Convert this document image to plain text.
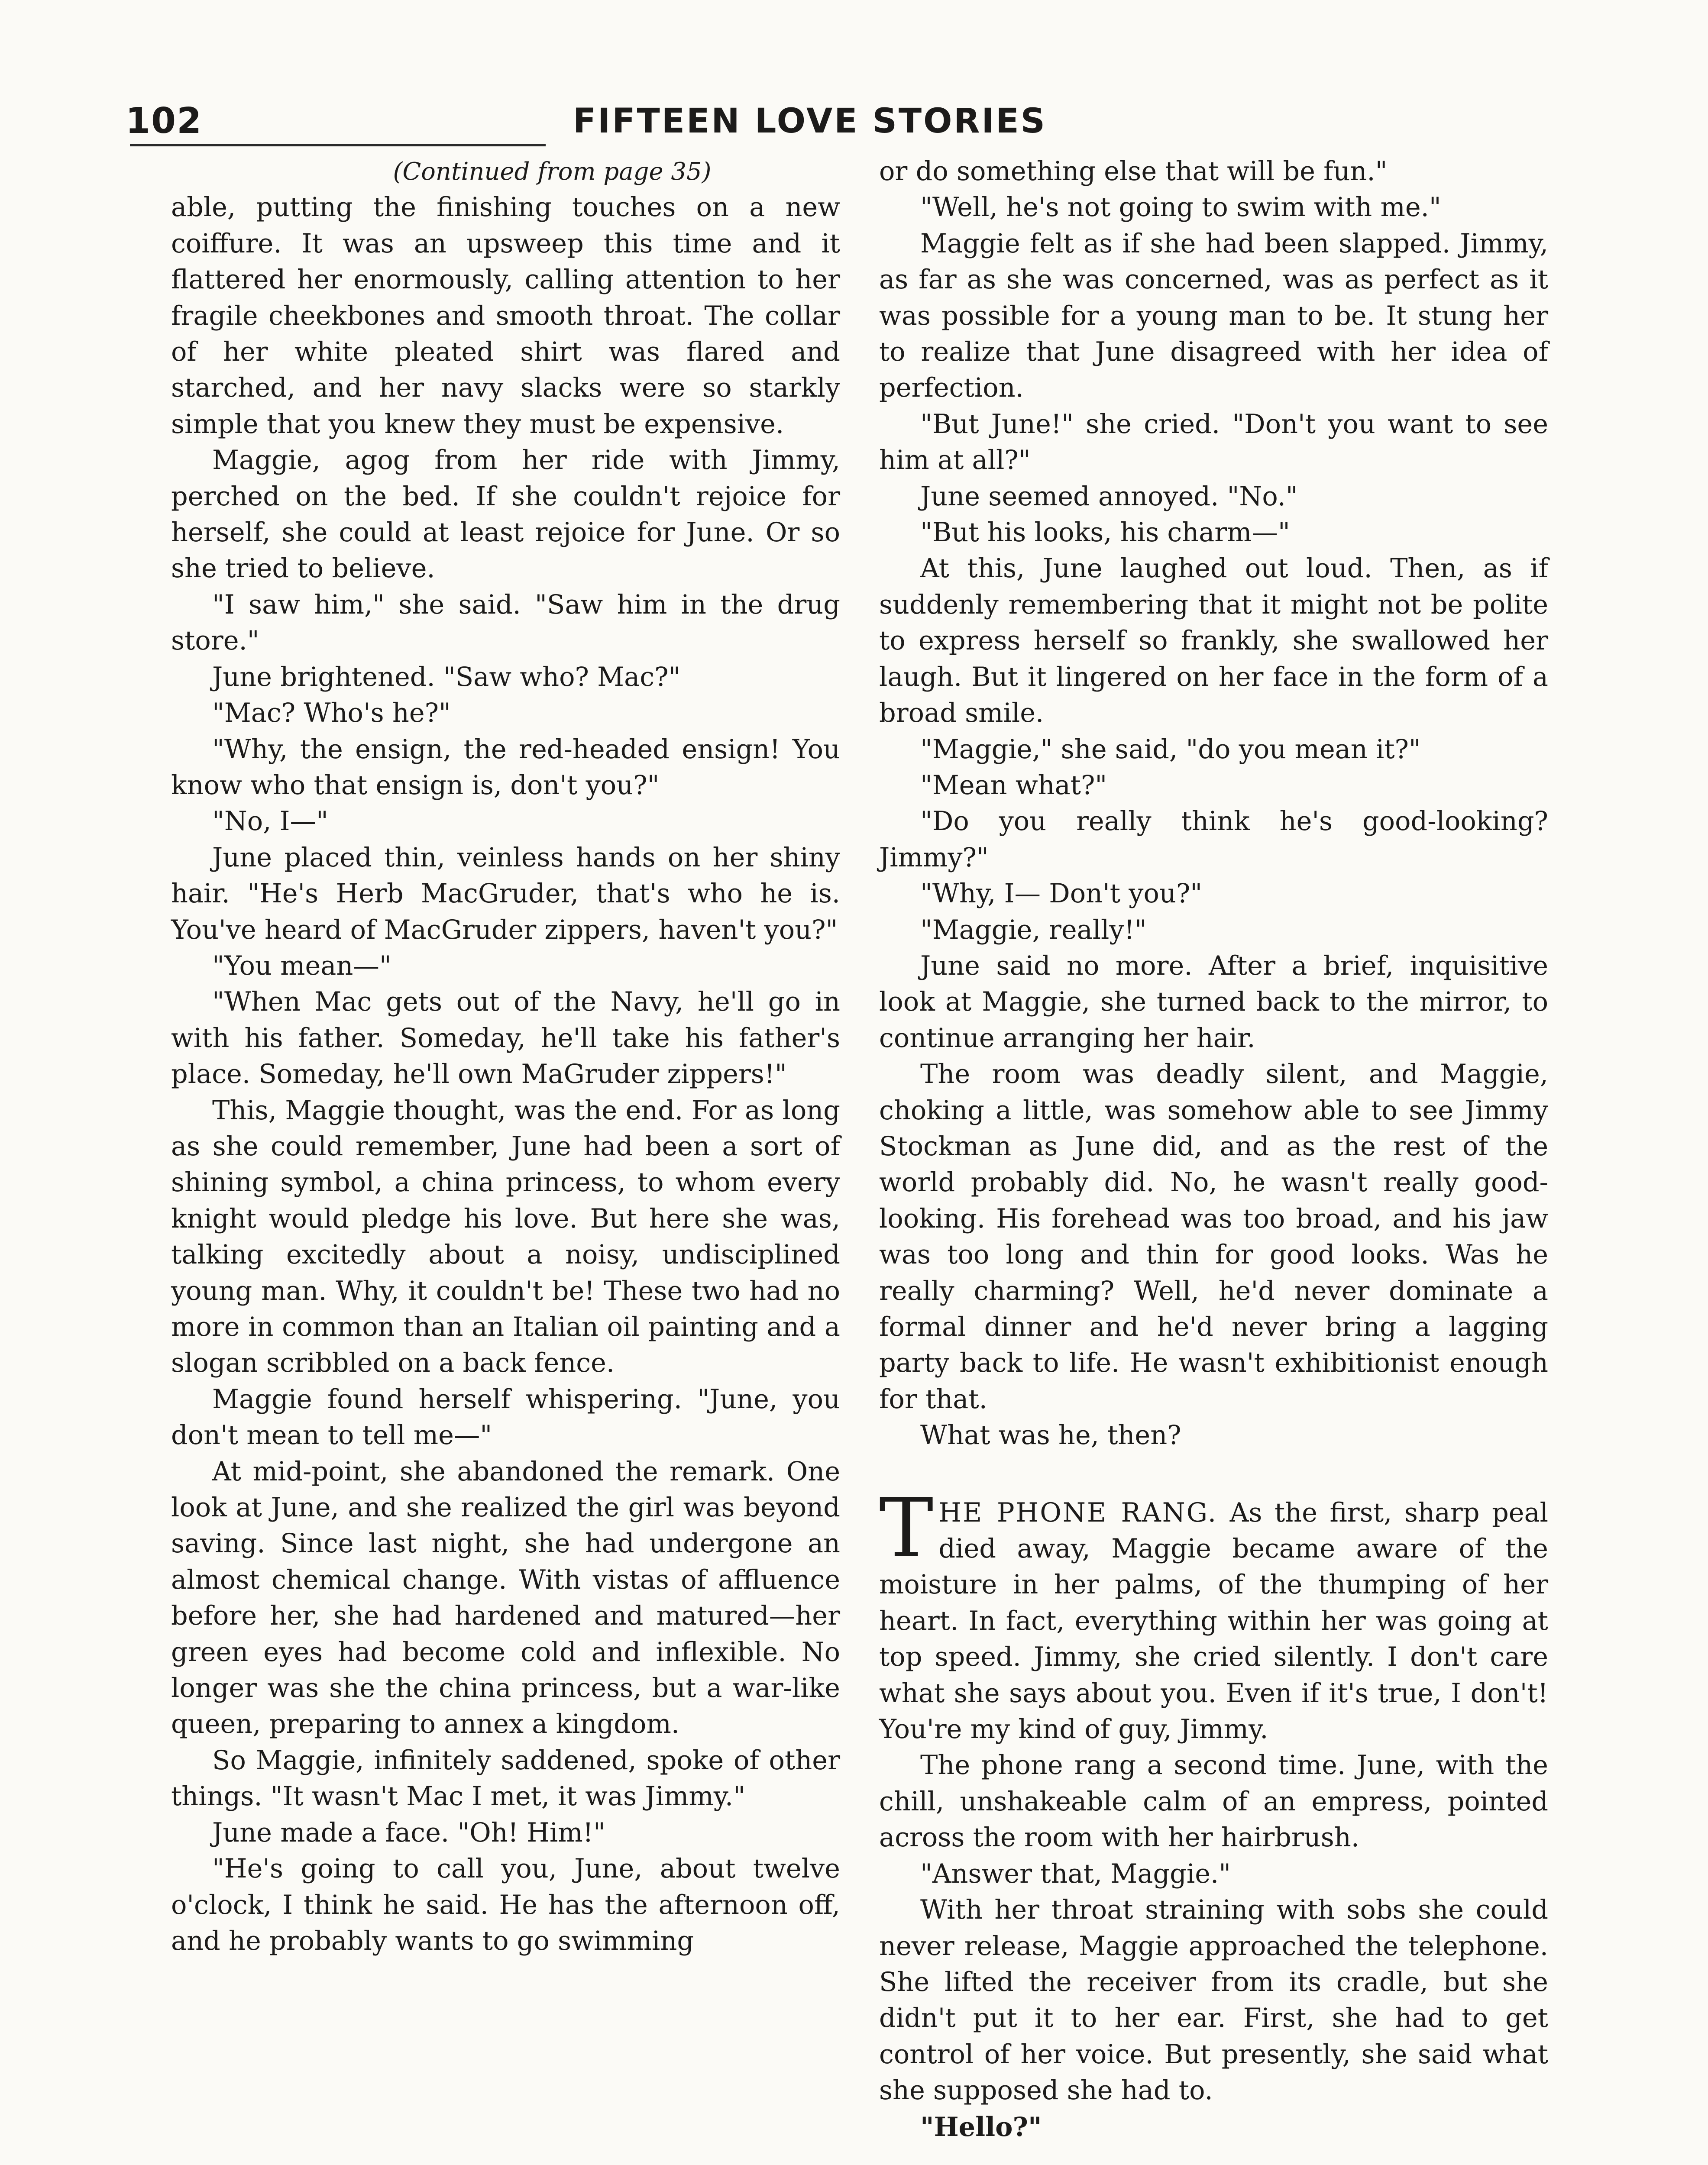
102	FIFTEEN LOVE STORIES

(Continued from page 35)

able, putting the finishing touches on a new coiffure. It was an upsweep this time and it flattered her enormously, calling attention to her fragile cheekbones and smooth throat. The collar of her white pleated shirt was flared and starched, and her navy slacks were so starkly simple that you knew they must be expensive.

Maggie, agog from her ride with Jimmy, perched on the bed. If she couldn't rejoice for herself, she could at least rejoice for June. Or so she tried to believe.

"I saw him," she said. "Saw him in the drug store."

June brightened. "Saw who? Mac?"

"Mac? Who's he?"

"Why, the ensign, the red-headed ensign! You know who that ensign is, don't you?"

"No, I—"

June placed thin, veinless hands on her shiny hair. "He's Herb MacGruder, that's who he is. You've heard of MacGruder zippers, haven't you?"

"You mean—"

"When Mac gets out of the Navy, he'll go in with his father. Someday, he'll take his father's place. Someday, he'll own MaGruder zippers!"

This, Maggie thought, was the end. For as long as she could remember, June had been a sort of shining symbol, a china princess, to whom every knight would pledge his love. But here she was, talking excitedly about a noisy, undisciplined young man. Why, it couldn't be! These two had no more in common than an Italian oil painting and a slogan scribbled on a back fence.

Maggie found herself whispering. "June, you don't mean to tell me—"

At mid-point, she abandoned the remark. One look at June, and she realized the girl was beyond saving. Since last night, she had undergone an almost chemical change. With vistas of affluence before her, she had hardened and matured—her green eyes had become cold and inflexible. No longer was she the china princess, but a war-like queen, preparing to annex a kingdom.

So Maggie, infinitely saddened, spoke of other things. "It wasn't Mac I met, it was Jimmy."

June made a face. "Oh! Him!"

"He's going to call you, June, about twelve o'clock, I think he said. He has the afternoon off, and he probably wants to go swimming

or do something else that will be fun."

"Well, he's not going to swim with me."

Maggie felt as if she had been slapped. Jimmy, as far as she was concerned, was as perfect as it was possible for a young man to be. It stung her to realize that June disagreed with her idea of perfection.

"But June!" she cried. "Don't you want to see him at all?"

June seemed annoyed. "No."

"But his looks, his charm—"

At this, June laughed out loud. Then, as if suddenly remembering that it might not be polite to express herself so frankly, she swallowed her laugh. But it lingered on her face in the form of a broad smile.

"Maggie," she said, "do you mean it?"

"Mean what?"

"Do you really think he's good-looking? Jimmy?"

"Why, I— Don't you?"

"Maggie, really!"

June said no more. After a brief, inquisitive look at Maggie, she turned back to the mirror, to continue arranging her hair.

The room was deadly silent, and Maggie, choking a little, was somehow able to see Jimmy Stockman as June did, and as the rest of the world probably did. No, he wasn't really good-looking. His forehead was too broad, and his jaw was too long and thin for good looks. Was he really charming? Well, he'd never dominate a formal dinner and he'd never bring a lagging party back to life. He wasn't exhibitionist enough for that.

What was he, then?

THE PHONE RANG. As the first, sharp peal died away, Maggie became aware of the moisture in her palms, of the thumping of her heart. In fact, everything within her was going at top speed. Jimmy, she cried silently. I don't care what she says about you. Even if it's true, I don't! You're my kind of guy, Jimmy.

The phone rang a second time. June, with the chill, unshakeable calm of an empress, pointed across the room with her hairbrush.

"Answer that, Maggie."

With her throat straining with sobs she could never release, Maggie approached the telephone. She lifted the receiver from its cradle, but she didn't put it to her ear. First, she had to get control of her voice. But presently, she said what she supposed she had to.

"Hello?"
